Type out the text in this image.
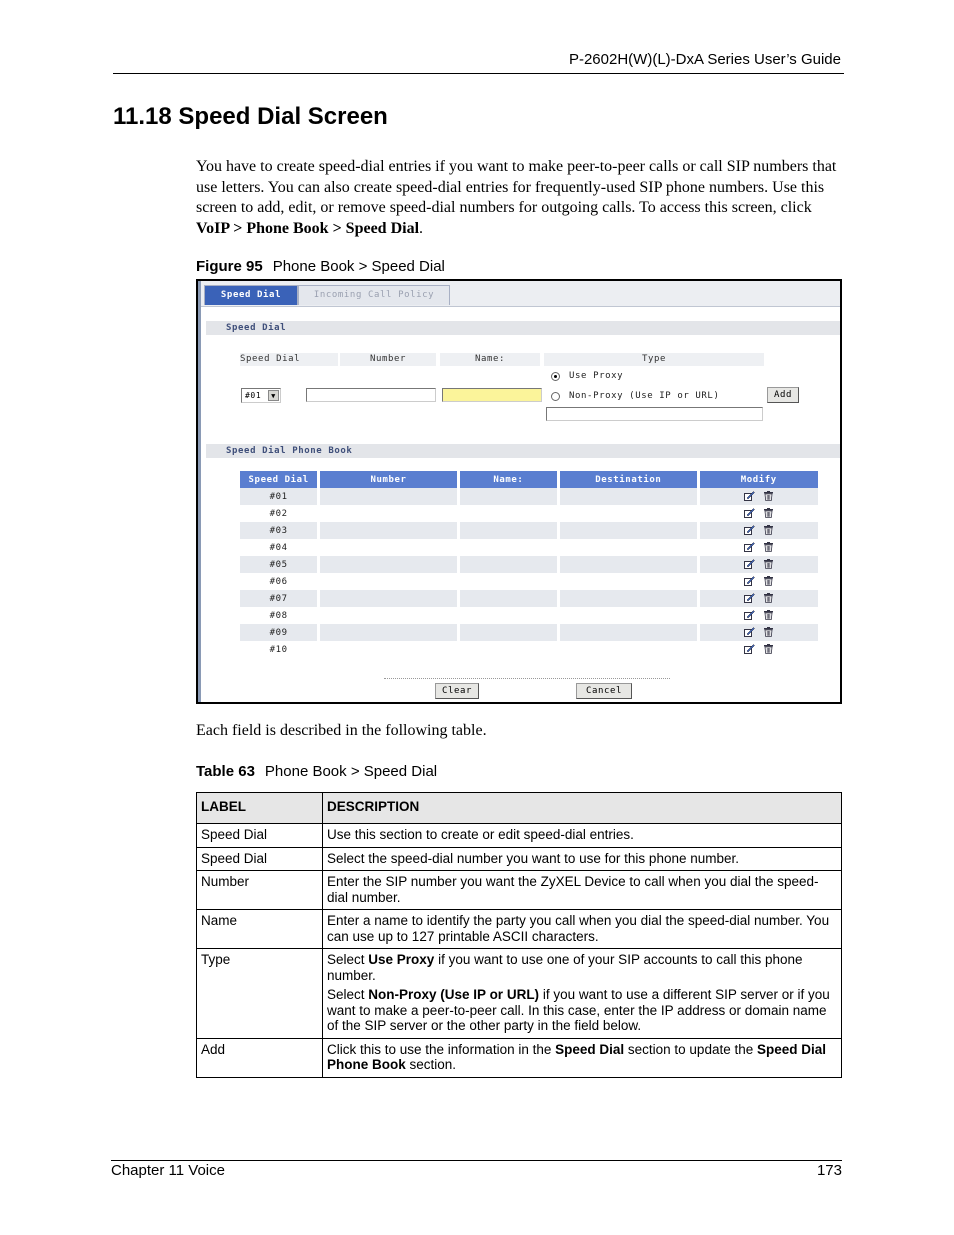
P-2602H(W)(L)-DxA Series User’s Guide
11.18 Speed Dial Screen

You have to create speed-dial entries if you want to make peer-to-peer calls or call SIP numbers that use letters. You can also create speed-dial entries for frequently-used SIP phone numbers. Use this screen to add, edit, or remove speed-dial numbers for outgoing calls. To access this screen, click VoIP > Phone Book > Speed Dial.

Figure 95 Phone Book > Speed Dial
Speed Dial	Incoming Call Policy
Speed Dial
Speed Dial	Number	Name:	Type
#01	▼
Use Proxy
Non-Proxy (Use IP or URL)	Add
Speed Dial Phone Book
Speed Dial	Number	Name:	Destination	Modify
#01				
#02				
#03				
#04				
#05				
#06				
#07				
#08				
#09				
#10				
Clear	Cancel
Each field is described in the following table.
Table 63 Phone Book > Speed Dial
LABEL	DESCRIPTION
Speed Dial	Use this section to create or edit speed-dial entries.
Speed Dial	Select the speed-dial number you want to use for this phone number.
Number	Enter the SIP number you want the ZyXEL Device to call when you dial the speed-dial number.
Name	Enter a name to identify the party you call when you dial the speed-dial number. You can use up to 127 printable ASCII characters.
Type	Select Use Proxy if you want to use one of your SIP accounts to call this phone number.

Select Non-Proxy (Use IP or URL) if you want to use a different SIP server or if you want to make a peer-to-peer call. In this case, enter the IP address or domain name of the SIP server or the other party in the field below.

Add	Click this to use the information in the Speed Dial section to update the Speed Dial Phone Book section.
Chapter 11 Voice	173
